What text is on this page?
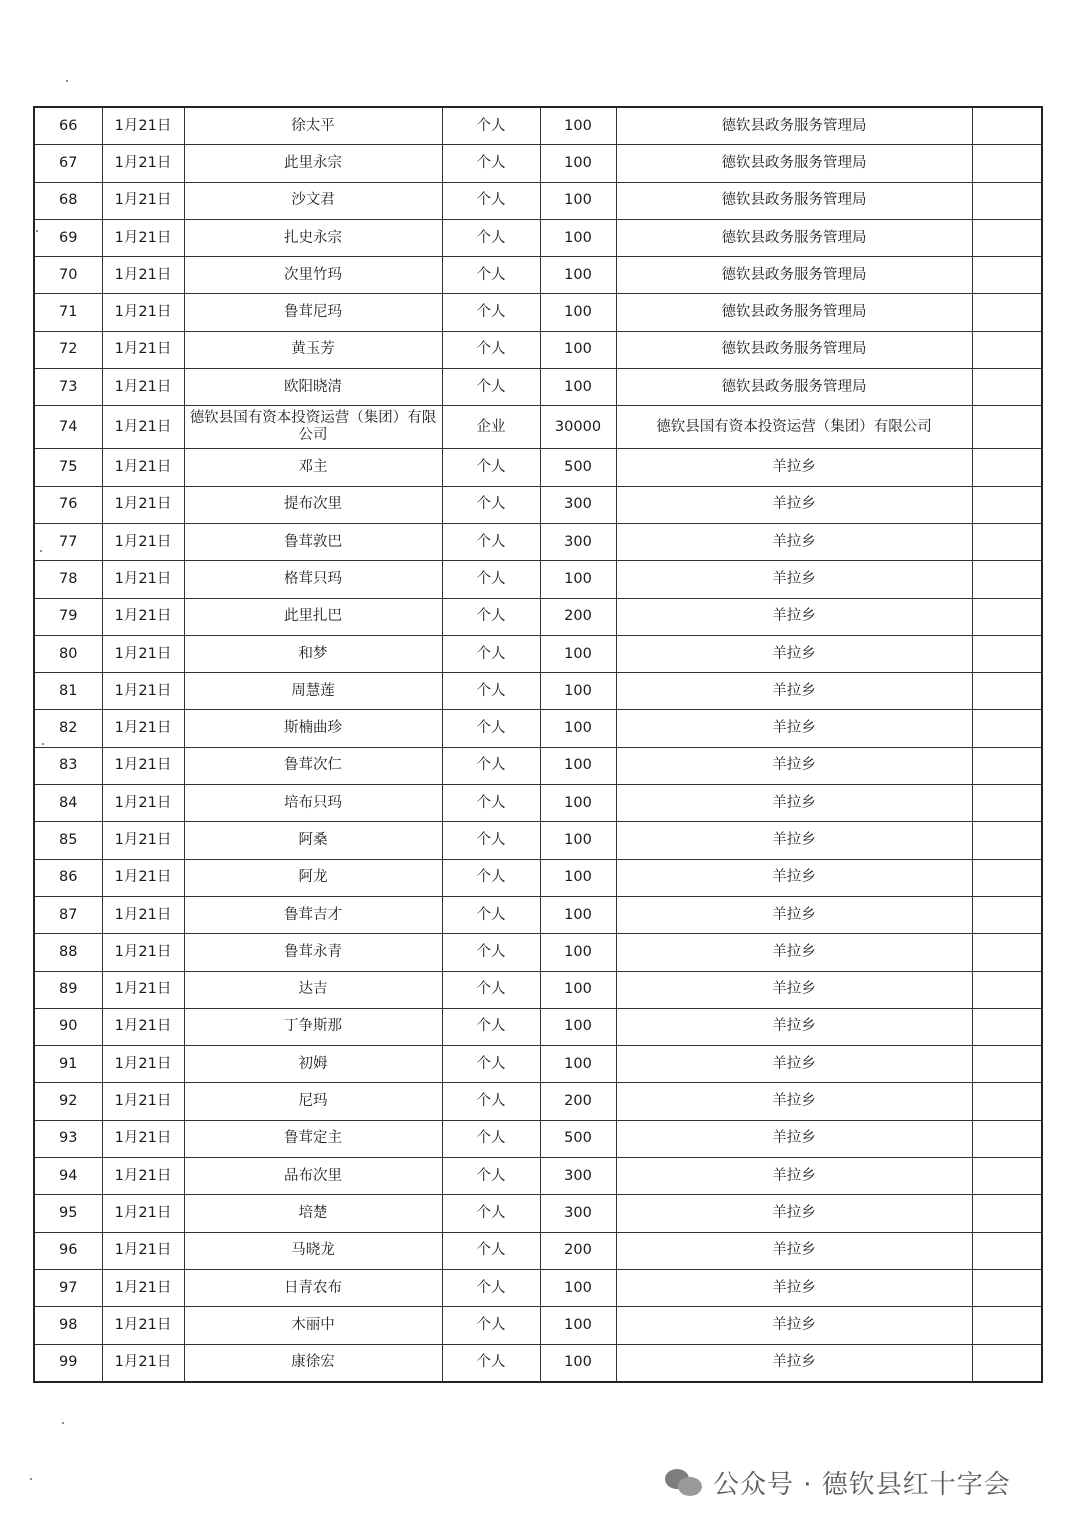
66	1月21日	徐太平	个人	100	德钦县政务服务管理局	
67	1月21日	此里永宗	个人	100	德钦县政务服务管理局	
68	1月21日	沙文君	个人	100	德钦县政务服务管理局	
69	1月21日	扎史永宗	个人	100	德钦县政务服务管理局	
70	1月21日	次里竹玛	个人	100	德钦县政务服务管理局	
71	1月21日	鲁茸尼玛	个人	100	德钦县政务服务管理局	
72	1月21日	黄玉芳	个人	100	德钦县政务服务管理局	
73	1月21日	欧阳晓清	个人	100	德钦县政务服务管理局	
74	1月21日	德钦县国有资本投资运营（集团）有限公司	企业	30000	德钦县国有资本投资运营（集团）有限公司	
75	1月21日	邓主	个人	500	羊拉乡	
76	1月21日	提布次里	个人	300	羊拉乡	
77	1月21日	鲁茸敦巴	个人	300	羊拉乡	
78	1月21日	格茸只玛	个人	100	羊拉乡	
79	1月21日	此里扎巴	个人	200	羊拉乡	
80	1月21日	和梦	个人	100	羊拉乡	
81	1月21日	周慧莲	个人	100	羊拉乡	
82	1月21日	斯楠曲珍	个人	100	羊拉乡	
83	1月21日	鲁茸次仁	个人	100	羊拉乡	
84	1月21日	培布只玛	个人	100	羊拉乡	
85	1月21日	阿桑	个人	100	羊拉乡	
86	1月21日	阿龙	个人	100	羊拉乡	
87	1月21日	鲁茸吉才	个人	100	羊拉乡	
88	1月21日	鲁茸永青	个人	100	羊拉乡	
89	1月21日	达吉	个人	100	羊拉乡	
90	1月21日	丁争斯那	个人	100	羊拉乡	
91	1月21日	初姆	个人	100	羊拉乡	
92	1月21日	尼玛	个人	200	羊拉乡	
93	1月21日	鲁茸定主	个人	500	羊拉乡	
94	1月21日	品布次里	个人	300	羊拉乡	
95	1月21日	培楚	个人	300	羊拉乡	
96	1月21日	马晓龙	个人	200	羊拉乡	
97	1月21日	日青农布	个人	100	羊拉乡	
98	1月21日	木丽中	个人	100	羊拉乡	
99	1月21日	康徐宏	个人	100	羊拉乡	
公众号 · 德钦县红十字会
